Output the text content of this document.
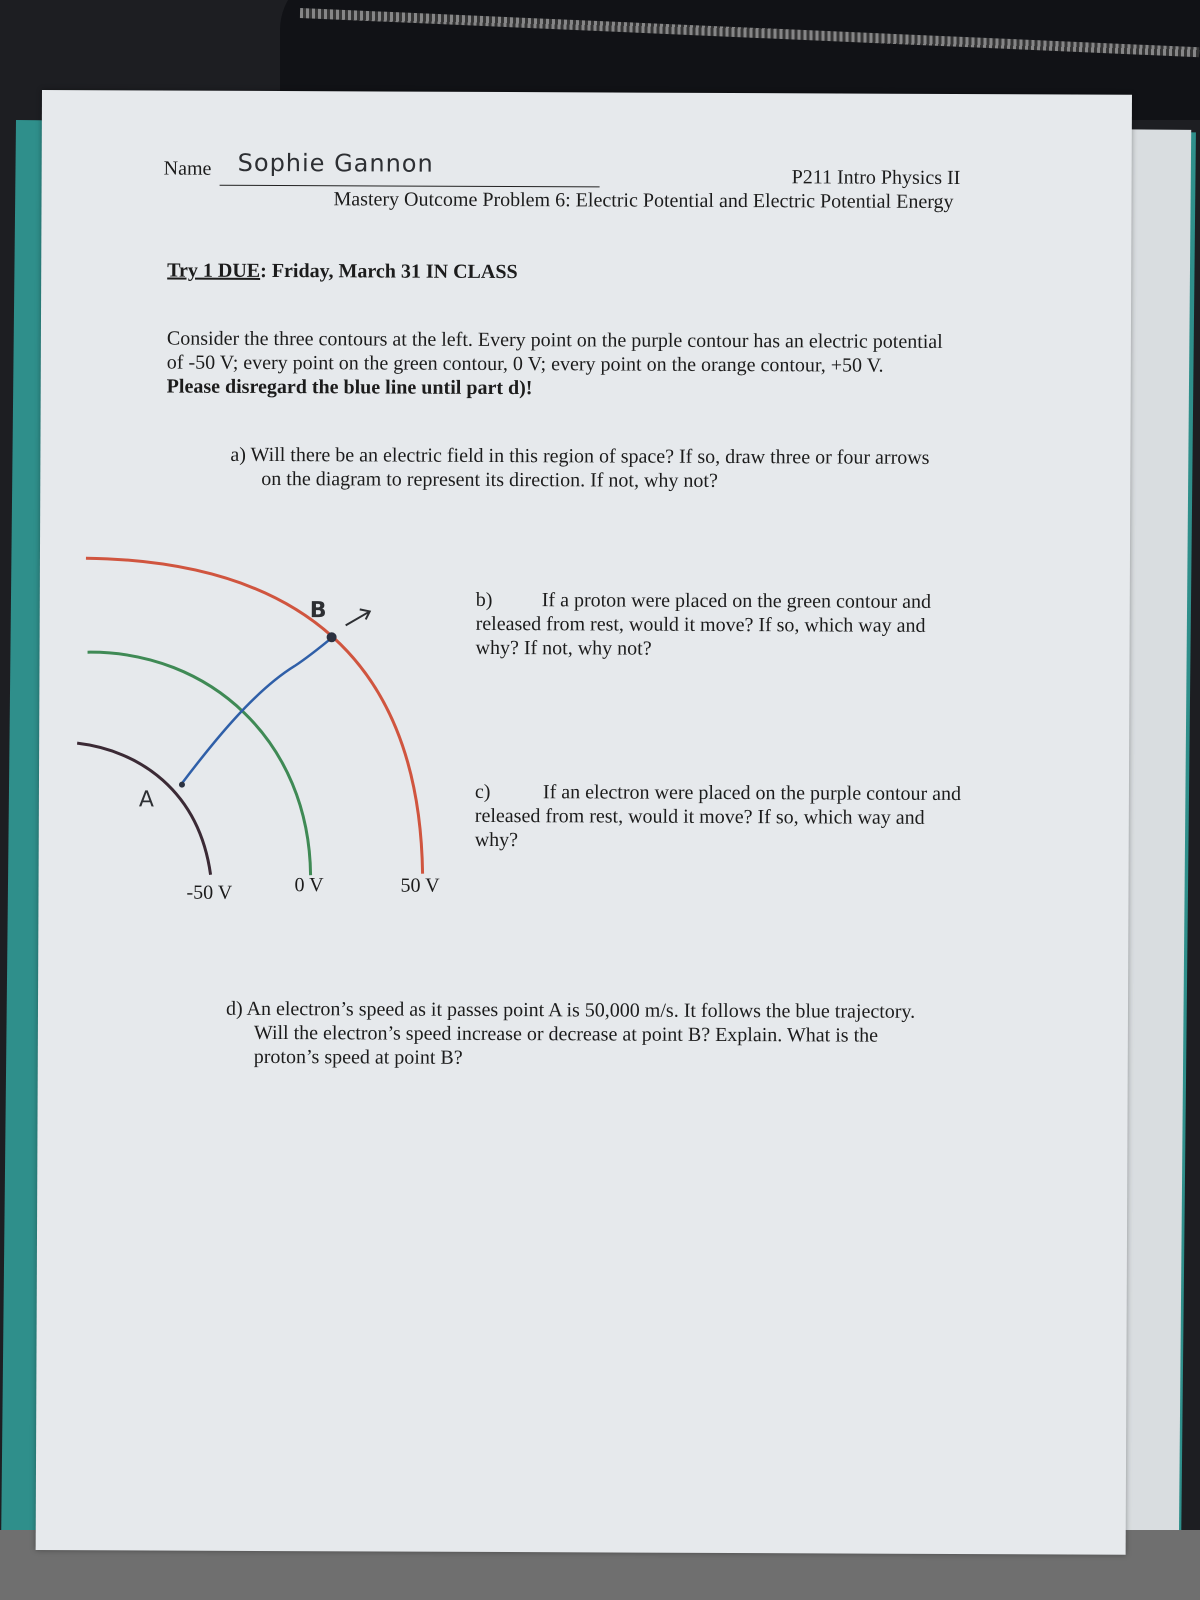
Name Sophie Gannon	P211 Intro Physics II
Mastery Outcome Problem 6: Electric Potential and Electric Potential Energy
Try 1 DUE: Friday, March 31 IN CLASS
Consider the three contours at the left. Every point on the purple contour has an electric potential
of -50 V; every point on the green contour, 0 V; every point on the orange contour, +50 V.
Please disregard the blue line until part d)!
a) Will there be an electric field in this region of space? If so, draw three or four arrows
on the diagram to represent its direction. If not, why not?
b) If a proton were placed on the green contour and
released from rest, would it move? If so, which way and
why? If not, why not?
c)	If an electron were placed on the purple contour and
released from rest, would it move? If so, which way and
why?
d) An electron’s speed as it passes point A is 50,000 m/s. It follows the blue trajectory.
Will the electron’s speed increase or decrease at point B? Explain. What is the
proton’s speed at point B?
A
B
-50 V	0 V	50 V
